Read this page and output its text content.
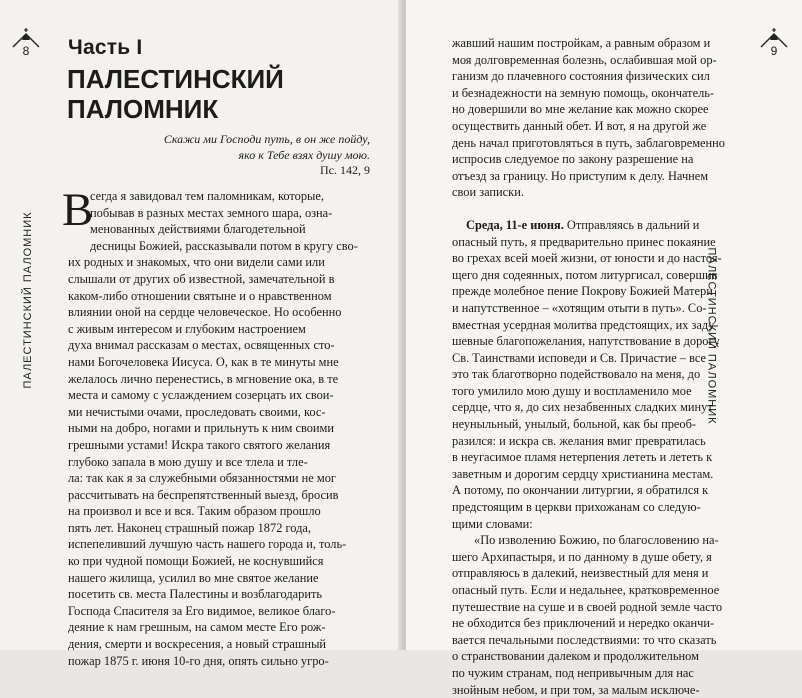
8
ПАЛЕСТИНСКИЙ ПАЛОМНИК
Часть I
ПАЛЕСТИНСКИЙ
ПАЛОМНИК
Скажи ми Господи путь, в он же пойду,
яко к Тебе взях душу мою.
Пс. 142, 9
В
сегда я завидовал тем паломникам, которые,
побывав в разных местах земного шара, озна-
менованных действиями благодетельной
десницы Божией, рассказывали потом в кругу сво-
их родных и знакомых, что они видели сами или
слышали от других об известной, замечательной в
каком-либо отношении святыне и о нравственном
влиянии оной на сердце человеческое. Но особенно
с живым интересом и глубоким настроением
духа внимал рассказам о местах, освященных сто-
нами Богочеловека Иисуса. О, как в те минуты мне
желалось лично перенестись, в мгновение ока, в те
места и самому с услаждением созерцать их свои-
ми нечистыми очами, проследовать своими, кос-
ными на добро, ногами и прильнуть к ним своими
грешными устами! Искра такого святого желания
глубоко запала в мою душу и все тлела и тле-
ла: так как я за служебными обязанностями не мог
рассчитывать на беспрепятственный выезд, бросив
на произвол и все и вся. Таким образом прошло
пять лет. Наконец страшный пожар 1872 года,
испепеливший лучшую часть нашего города и, толь-
ко при чудной помощи Божией, не коснувшийся
нашего жилища, усилил во мне святое желание
посетить св. места Палестины и возблагодарить
Господа Спасителя за Его видимое, великое благо-
деяние к нам грешным, на самом месте Его рож-
дения, смерти и воскресения, а новый страшный
пожар 1875 г. июня 10-го дня, опять сильно угро-
ПАЛЕСТИНСКИЙ ПАЛОМНИК
9
жавший нашим постройкам, а равным образом и
моя долговременная болезнь, ослабившая мой ор-
ганизм до плачевного состояния физических сил
и безнадежности на земную помощь, окончатель-
но довершили во мне желание как можно скорее
осуществить данный обет. И вот, я на другой же
день начал приготовляться в путь, заблаговременно
испросив следуемое по закону разрешение на
отъезд за границу. Но приступим к делу. Начнем
свои записки.
Среда, 11-е июня. Отправляясь в дальний и
опасный путь, я предварительно принес покаяние
во грехах всей моей жизни, от юности и до настоя-
щего дня содеянных, потом литургисал, совершив
прежде молебное пение Покрову Божией Матери
и напутственное – «хотящим отыти в путь». Со-
вместная усердная молитва предстоящих, их заду-
шевные благопожелания, напутствование в дорогу
Св. Таинствами исповеди и Св. Причастие – все
это так благотворно подействовало на меня, до
того умилило мою душу и воспламенило мое
сердце, что я, до сих незабвенных сладких минут
неуныльный, унылый, больной, как бы преоб-
разился: и искра св. желания вмиг превратилась
в неугасимое пламя нетерпения лететь и лететь к
заветным и дорогим сердцу христианина местам.
А потому, по окончании литургии, я обратился к
предстоящим в церкви прихожанам со следую-
щими словами:
«По изволению Божию, по благословению на-
шего Архипастыря, и по данному в душе обету, я
отправляюсь в далекий, неизвестный для меня и
опасный путь. Если и недальнее, кратковременное
путешествие на суше и в своей родной земле часто
не обходится без приключений и нередко оканчи-
вается печальными последствиями: то что сказать
о странствовании далеком и продолжительном
по чужим странам, под непривычным для нас
знойным небом, и при том, за малым исключе-
